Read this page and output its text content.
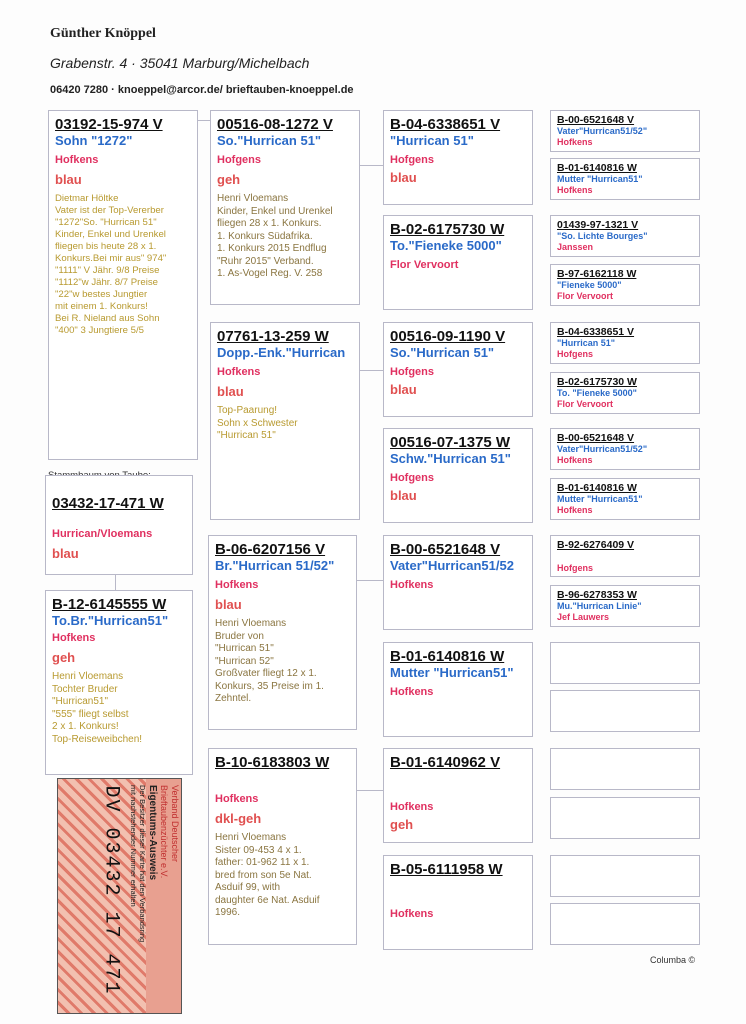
Günther Knöppel
Grabenstr. 4 · 35041 Marburg/Michelbach
06420 7280 · knoeppel@arcor.de/ brieftauben-knoeppel.de
03192-15-974 V
Sohn "1272"
Hofkens
blau
Dietmar Höltke
Vater ist der Top-Vererber
"1272"So. "Hurrican 51"
Kinder, Enkel und Urenkel
fliegen bis heute 28 x 1.
Konkurs.Bei mir aus" 974"
"1111" V Jähr. 9/8 Preise
"1112"w Jähr. 8/7 Preise
"22"w bestes Jungtier
mit einem 1. Konkurs!
Bei R. Nieland aus Sohn
"400" 3 Jungtiere 5/5
03432-17-471 W
Hurrican/Vloemans
blau
B-12-6145555 W
To.Br."Hurrican51"
Hofkens
geh
Henri Vloemans
Tochter Bruder
"Hurrican51"
"555" fliegt selbst
2 x 1. Konkurs!
Top-Reiseweibchen!
00516-08-1272 V
So."Hurrican 51"
Hofgens
geh
Henri Vloemans
Kinder, Enkel und Urenkel
fliegen 28 x 1. Konkurs.
1. Konkurs Südafrika.
1. Konkurs 2015 Endflug
"Ruhr 2015" Verband.
1. As-Vogel Reg. V. 258
07761-13-259 W
Dopp.-Enk."Hurrican
Hofkens
blau
Top-Paarung!
Sohn x Schwester
"Hurrican 51"
B-06-6207156 V
Br."Hurrican 51/52"
Hofkens
blau
Henri Vloemans
Bruder von
"Hurrican 51"
"Hurrican 52"
Großvater fliegt 12 x 1.
Konkurs, 35 Preise im 1.
Zehntel.
B-10-6183803 W
Hofkens
dkl-geh
Henri Vloemans
Sister 09-453 4 x 1.
father: 01-962 11 x 1.
bred from son 5e Nat.
Asduif 99, with
daughter 6e Nat. Asduif
1996.
B-04-6338651 V
"Hurrican 51"
Hofgens
blau
B-02-6175730 W
To."Fieneke 5000"
Flor Vervoort
00516-09-1190 V
So."Hurrican 51"
Hofgens
blau
00516-07-1375 W
Schw."Hurrican 51"
Hofgens
blau
B-00-6521648 V
Vater"Hurrican51/52
Hofkens
B-01-6140816 W
Mutter "Hurrican51"
Hofkens
B-01-6140962 V
Hofkens
geh
B-05-6111958 W
Hofkens
B-00-6521648 V
Vater"Hurrican51/52"
Hofkens
B-01-6140816 W
Mutter "Hurrican51"
Hofkens
01439-97-1321 V
"So. Lichte Bourges"
Janssen
B-97-6162118 W
"Fieneke 5000"
Flor Vervoort
B-04-6338651 V
"Hurrican 51"
Hofgens
B-02-6175730 W
To. "Fieneke 5000"
Flor Vervoort
B-00-6521648 V
Vater"Hurrican51/52"
Hofkens
B-01-6140816 W
Mutter "Hurrican51"
Hofkens
B-92-6276409 V
Hofgens
B-96-6278353 W
Mu."Hurrican Linie"
Jef Lauwers
DV 03432 17 471	Verband Deutscher
Brieftaubenzüchter e.V.
Eigentums-Ausweis
Der Besitzer dieser Karte hat den Verbandsring
mit nachstehender Nummer erhalten
Columba ©
